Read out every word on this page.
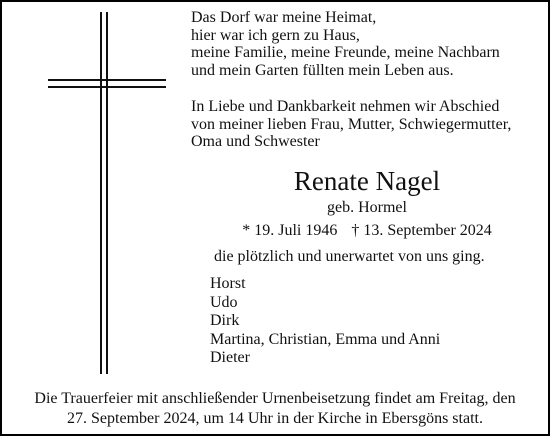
Das Dorf war meine Heimat,
hier war ich gern zu Haus,
meine Familie, meine Freunde, meine Nachbarn
und mein Garten füllten mein Leben aus.
In Liebe und Dankbarkeit nehmen wir Abschied
von meiner lieben Frau, Mutter, Schwiegermutter,
Oma und Schwester
Renate Nagel
geb. Hormel
* 19. Juli 1946 † 13. September 2024
die plötzlich und unerwartet von uns ging.
Horst
Udo
Dirk
Martina, Christian, Emma und Anni
Dieter
Die Trauerfeier mit anschließender Urnenbeisetzung findet am Freitag, den
27. September 2024, um 14 Uhr in der Kirche in Ebersgöns statt.
